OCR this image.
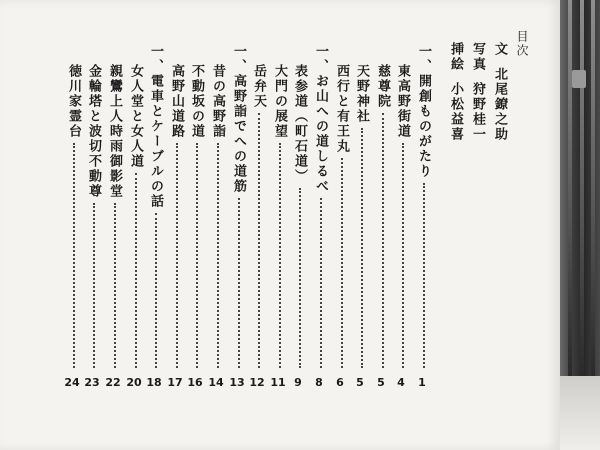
目次
文北尾鐐之助
写真狩野桂一
挿絵小松益喜
一、開創ものがたり
1
東高野街道
4
慈尊院
5
天野神社
5
西行と有王丸
6
一、お山への道しるべ
8
表参道（町石道）
9
大門の展望
11
岳弁天
12
一、高野詣でへの道筋
13
昔の高野詣
14
不動坂の道
16
高野山道路
17
一、電車とケーブルの話
18
女人堂と女人道
20
親鸞上人時雨御影堂
22
金輪塔と波切不動尊
23
徳川家霊台
24
